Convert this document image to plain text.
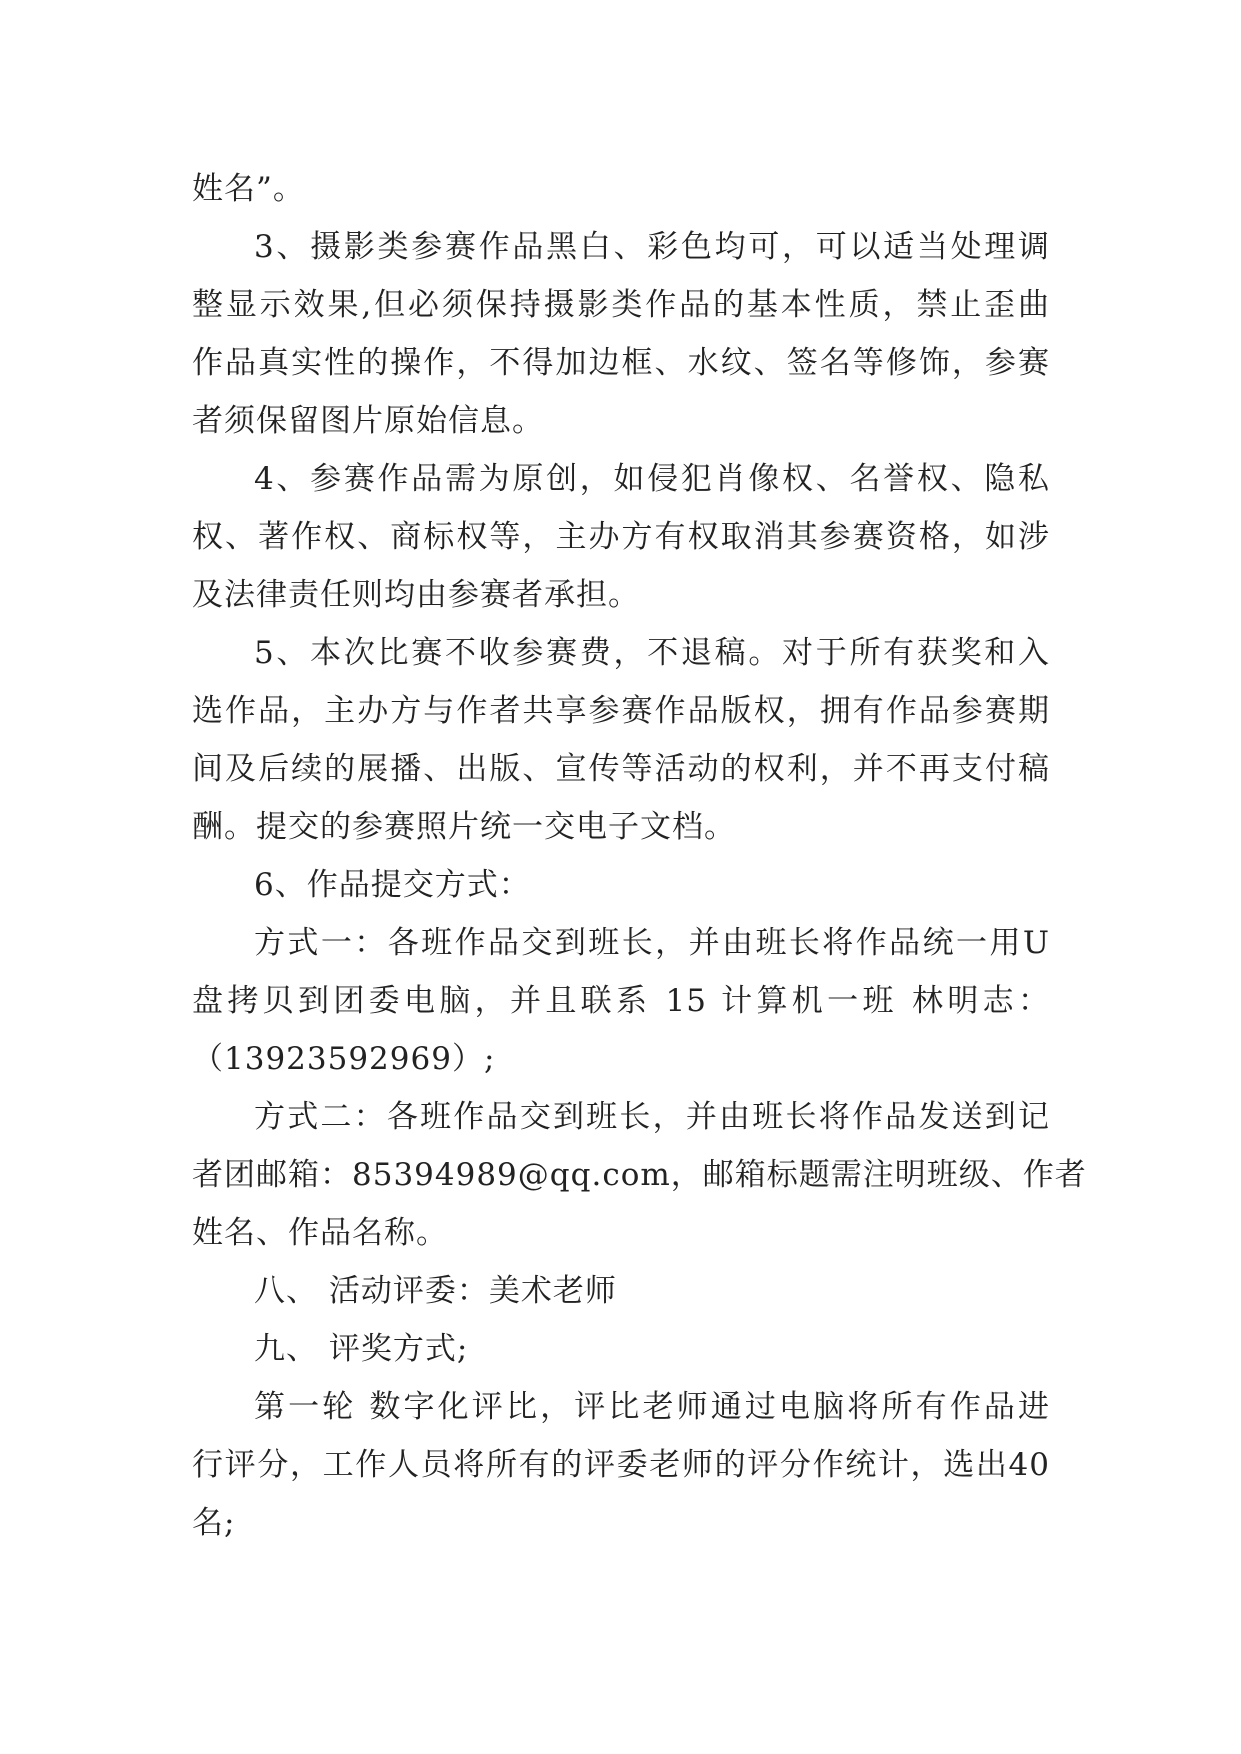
姓名”。
3、摄影类参赛作品黑白、彩色均可，可以适当处理调
整显示效果,但必须保持摄影类作品的基本性质，禁止歪曲
作品真实性的操作，不得加边框、水纹、签名等修饰，参赛
者须保留图片原始信息。
4、参赛作品需为原创，如侵犯肖像权、名誉权、隐私
权、著作权、商标权等，主办方有权取消其参赛资格，如涉
及法律责任则均由参赛者承担。
5、本次比赛不收参赛费，不退稿。对于所有获奖和入
选作品，主办方与作者共享参赛作品版权，拥有作品参赛期
间及后续的展播、出版、宣传等活动的权利，并不再支付稿
酬。提交的参赛照片统一交电子文档。
6、作品提交方式：
方式一：各班作品交到班长，并由班长将作品统一用U
盘拷贝到团委电脑，并且联系 15 计算机一班 林明志：
（13923592969）;
方式二：各班作品交到班长，并由班长将作品发送到记
者团邮箱：85394989@qq.com，邮箱标题需注明班级、作者
姓名、作品名称。
八、 活动评委：美术老师
九、 评奖方式;
第一轮 数字化评比，评比老师通过电脑将所有作品进
行评分，工作人员将所有的评委老师的评分作统计，选出40
名;
